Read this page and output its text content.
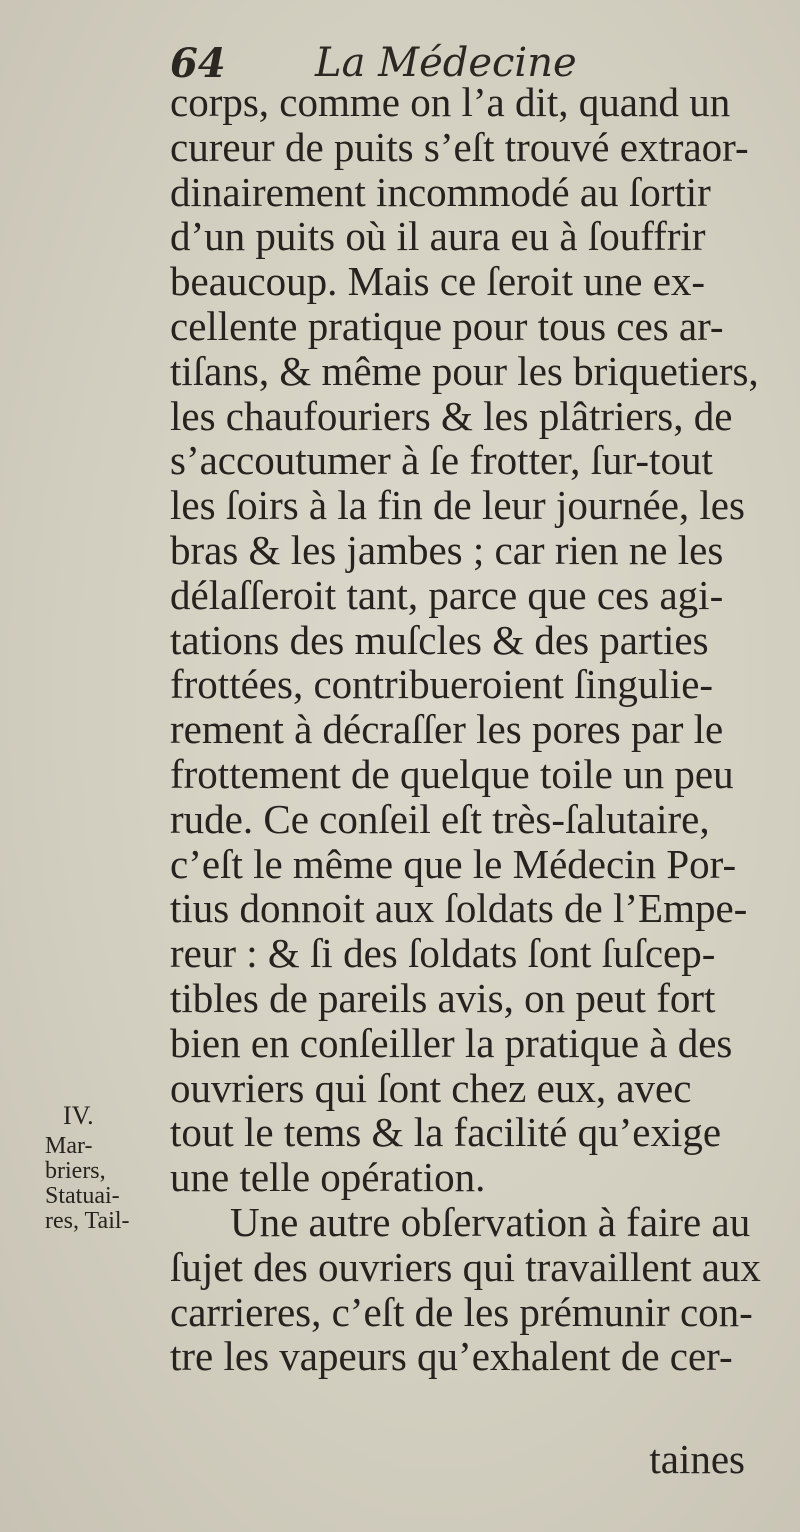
64 La Médecine
corps, comme on l’a dit, quand un
cureur de puits s’eſt trouvé extraor-
dinairement incommodé au ſortir
d’un puits où il aura eu à ſouffrir
beaucoup. Mais ce ſeroit une ex-
cellente pratique pour tous ces ar-
tiſans, & même pour les briquetiers,
les chaufouriers & les plâtriers, de
s’accoutumer à ſe frotter, ſur-tout
les ſoirs à la fin de leur journée, les
bras & les jambes ; car rien ne les
délaſſeroit tant, parce que ces agi-
tations des muſcles & des parties
frottées, contribueroient ſingulie-
rement à décraſſer les pores par le
frottement de quelque toile un peu
rude. Ce conſeil eſt très-ſalutaire,
c’eſt le même que le Médecin Por-
tius donnoit aux ſoldats de l’Empe-
reur : & ſi des ſoldats ſont ſuſcep-
tibles de pareils avis, on peut fort
bien en conſeiller la pratique à des
ouvriers qui ſont chez eux, avec
tout le tems & la facilité qu’exige
une telle opération.
Une autre obſervation à faire au
ſujet des ouvriers qui travaillent aux
carrieres, c’eſt de les prémunir con-
tre les vapeurs qu’exhalent de cer-
taines
IV.
Mar-
briers,
Statuai-
res, Tail-
